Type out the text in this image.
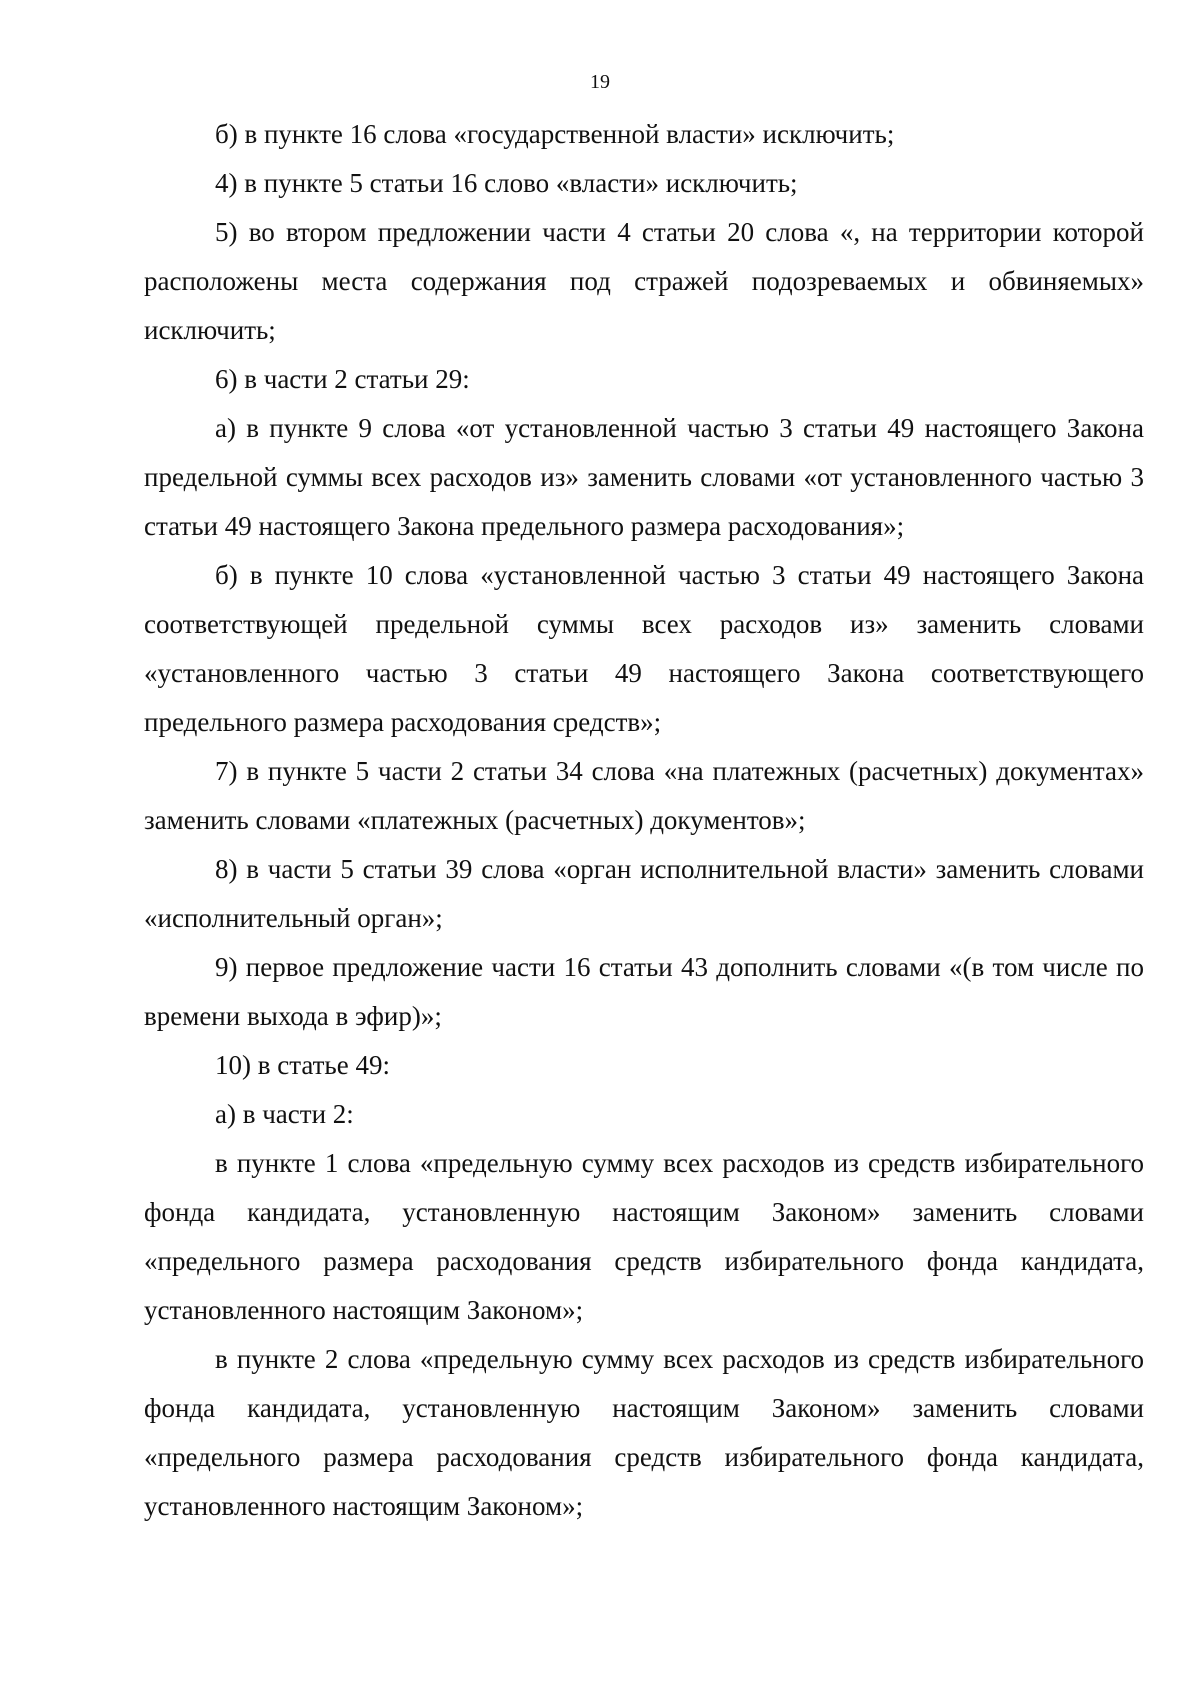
19

б) в пункте 16 слова «государственной власти» исключить;

4) в пункте 5 статьи 16 слово «власти» исключить;

5) во втором предложении части 4 статьи 20 слова «, на территории которой расположены места содержания под стражей подозреваемых и обвиняемых» исключить;

6) в части 2 статьи 29:

а) в пункте 9 слова «от установленной частью 3 статьи 49 настоящего Закона предельной суммы всех расходов из» заменить словами «от установленного частью 3 статьи 49 настоящего Закона предельного размера расходования»;

б) в пункте 10 слова «установленной частью 3 статьи 49 настоящего Закона соответствующей предельной суммы всех расходов из» заменить словами «установленного частью 3 статьи 49 настоящего Закона соответствующего предельного размера расходования средств»;

7) в пункте 5 части 2 статьи 34 слова «на платежных (расчетных) документах» заменить словами «платежных (расчетных) документов»;

8) в части 5 статьи 39 слова «орган исполнительной власти» заменить словами «исполнительный орган»;

9) первое предложение части 16 статьи 43 дополнить словами «(в том числе по времени выхода в эфир)»;

10) в статье 49:

а) в части 2:

в пункте 1 слова «предельную сумму всех расходов из средств избирательного фонда кандидата, установленную настоящим Законом» заменить словами «предельного размера расходования средств избирательного фонда кандидата, установленного настоящим Законом»;

в пункте 2 слова «предельную сумму всех расходов из средств избирательного фонда кандидата, установленную настоящим Законом» заменить словами «предельного размера расходования средств избирательного фонда кандидата, установленного настоящим Законом»;
